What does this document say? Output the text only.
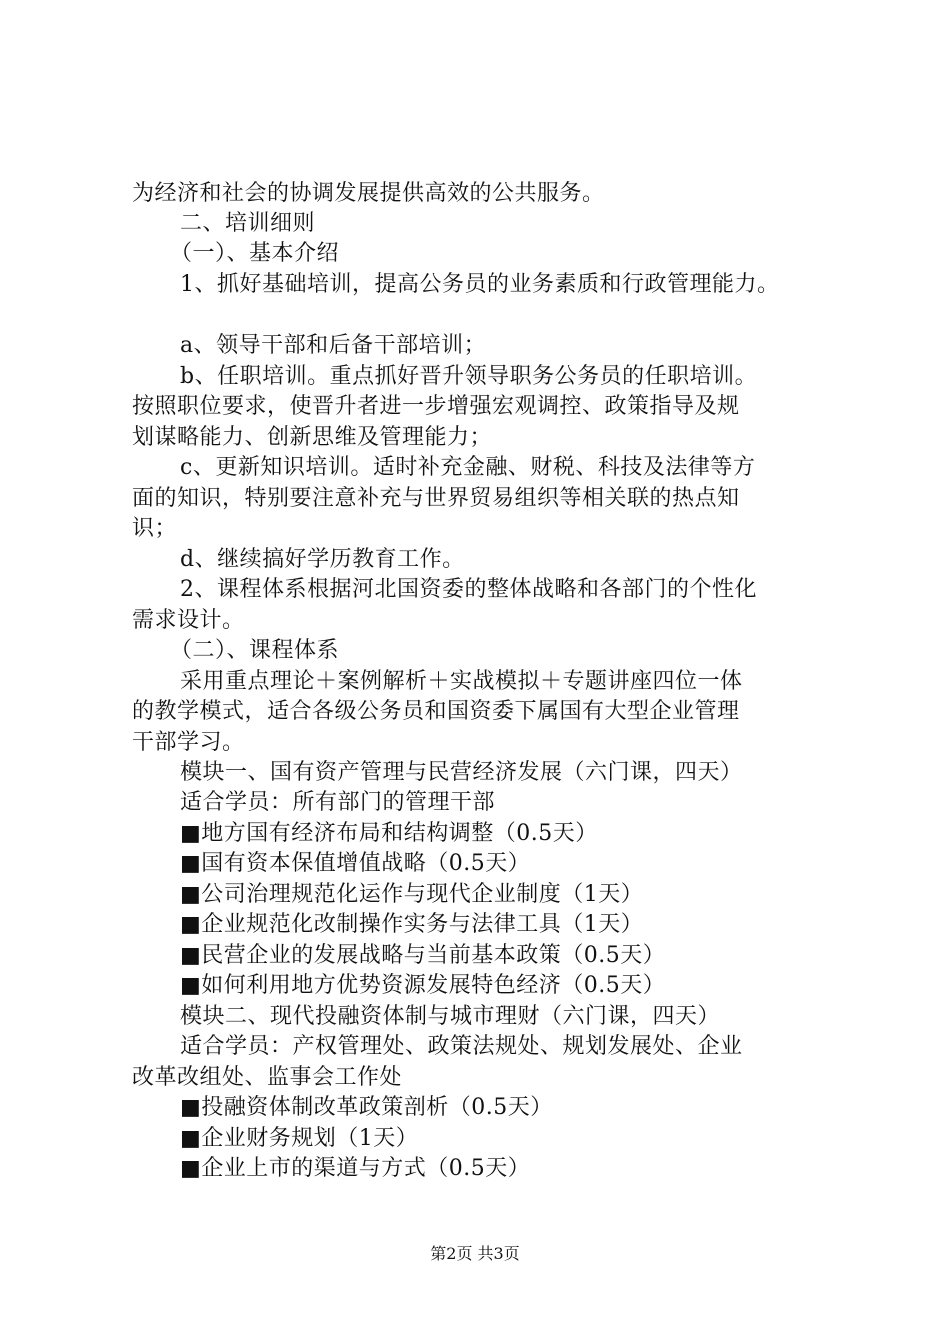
为经济和社会的协调发展提供高效的公共服务。
二、培训细则
（一）、基本介绍
1、抓好基础培训，提高公务员的业务素质和行政管理能力。
a、领导干部和后备干部培训；
b、任职培训。重点抓好晋升领导职务公务员的任职培训。
按照职位要求，使晋升者进一步增强宏观调控、政策指导及规
划谋略能力、创新思维及管理能力；
c、更新知识培训。适时补充金融、财税、科技及法律等方
面的知识，特别要注意补充与世界贸易组织等相关联的热点知
识；
d、继续搞好学历教育工作。
2、课程体系根据河北国资委的整体战略和各部门的个性化
需求设计。
（二）、课程体系
采用重点理论＋案例解析＋实战模拟＋专题讲座四位一体
的教学模式，适合各级公务员和国资委下属国有大型企业管理
干部学习。
模块一、国有资产管理与民营经济发展（六门课，四天）
适合学员：所有部门的管理干部
■地方国有经济布局和结构调整（0.5天）
■国有资本保值增值战略（0.5天）
■公司治理规范化运作与现代企业制度（1天）
■企业规范化改制操作实务与法律工具（1天）
■民营企业的发展战略与当前基本政策（0.5天）
■如何利用地方优势资源发展特色经济（0.5天）
模块二、现代投融资体制与城市理财（六门课，四天）
适合学员：产权管理处、政策法规处、规划发展处、企业
改革改组处、监事会工作处
■投融资体制改革政策剖析（0.5天）
■企业财务规划（1天）
■企业上市的渠道与方式（0.5天）
第2页 共3页
